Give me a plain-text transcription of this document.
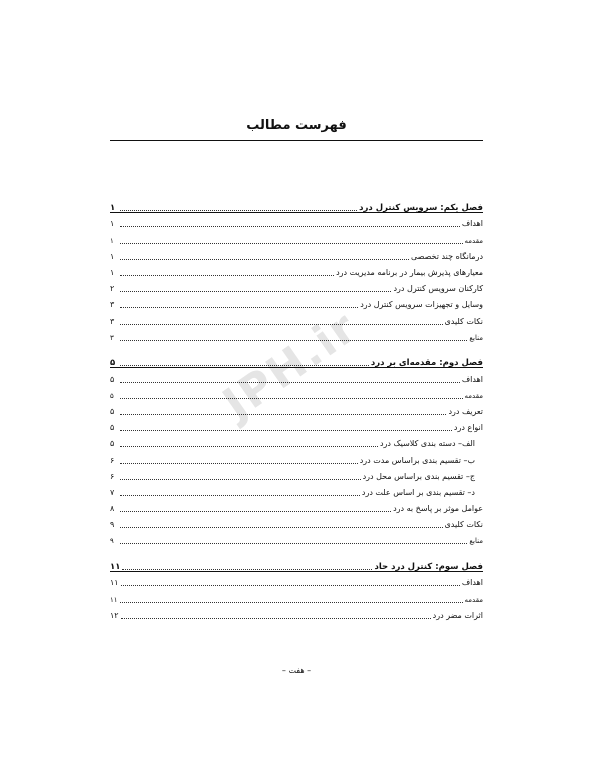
فهرست مطالب
فصل یکم: سرویس کنترل درد
۱
اهداف
۱
مقدمه
۱
درمانگاه چند تخصصی
۱
معیارهای پذیرش بیمار در برنامه مدیریت درد
۱
کارکنان سرویس کنترل درد
۲
وسایل و تجهیزات سرویس کنترل درد
۳
نکات کلیدی
۳
منابع
۳
فصل دوم: مقدمه‌ای بر درد
۵
اهداف
۵
مقدمه
۵
تعریف درد
۵
انواع درد
۵
الف– دسته بندی کلاسیک درد
۵
ب– تقسیم بندی براساس مدت درد
۶
ج– تقسیم بندی براساس محل درد
۶
د– تقسیم بندی بر اساس علت درد
۷
عوامل موثر بر پاسخ به درد
۸
نکات کلیدی
۹
منابع
۹
فصل سوم: کنترل درد حاد
۱۱
اهداف
۱۱
مقدمه
۱۱
اثرات مضر درد
۱۲
JPH.ir
– هفت –
